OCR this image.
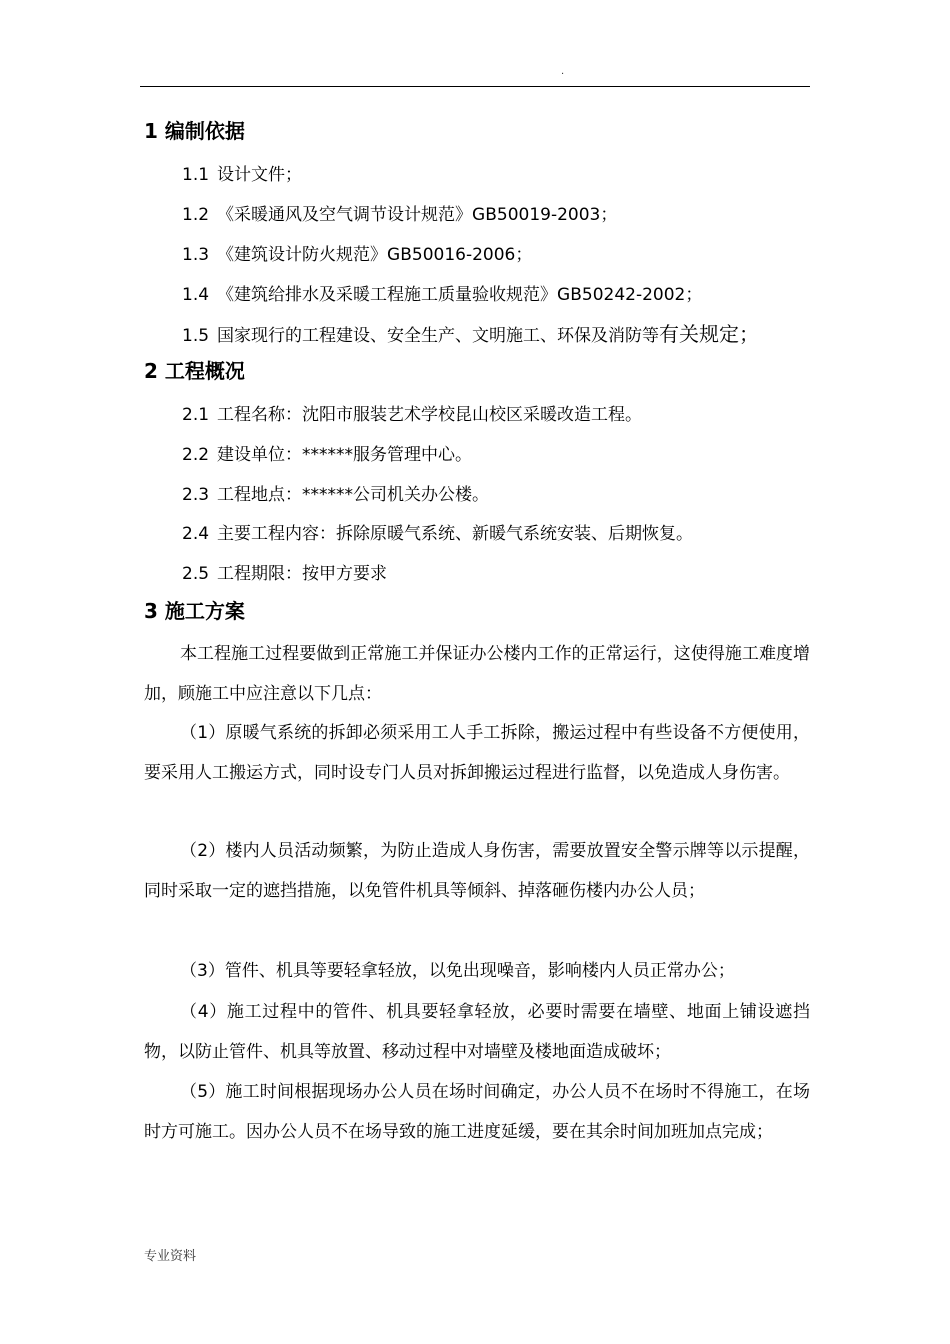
.
1 编制依据
1.1 设计文件；
1.2 《采暖通风及空气调节设计规范》GB50019-2003；
1.3 《建筑设计防火规范》GB50016-2006；
1.4 《建筑给排水及采暖工程施工质量验收规范》GB50242-2002；
1.5 国家现行的工程建设、安全生产、文明施工、环保及消防等有关规定；
2 工程概况
2.1 工程名称：沈阳市服装艺术学校昆山校区采暖改造工程。
2.2 建设单位：******服务管理中心。
2.3 工程地点：******公司机关办公楼。
2.4 主要工程内容：拆除原暖气系统、新暖气系统安装、后期恢复。
2.5 工程期限：按甲方要求
3 施工方案

本工程施工过程要做到正常施工并保证办公楼内工作的正常运行，这使得施工难度增加，顾施工中应注意以下几点：

（1）原暖气系统的拆卸必须采用工人手工拆除，搬运过程中有些设备不方便使用，要采用人工搬运方式，同时设专门人员对拆卸搬运过程进行监督，以免造成人身伤害。

（2）楼内人员活动频繁，为防止造成人身伤害，需要放置安全警示牌等以示提醒，同时采取一定的遮挡措施，以免管件机具等倾斜、掉落砸伤楼内办公人员；

（3）管件、机具等要轻拿轻放，以免出现噪音，影响楼内人员正常办公；

（4）施工过程中的管件、机具要轻拿轻放，必要时需要在墙壁、地面上铺设遮挡物，以防止管件、机具等放置、移动过程中对墙壁及楼地面造成破坏；

（5）施工时间根据现场办公人员在场时间确定，办公人员不在场时不得施工，在场时方可施工。因办公人员不在场导致的施工进度延缓，要在其余时间加班加点完成；

专业资料
